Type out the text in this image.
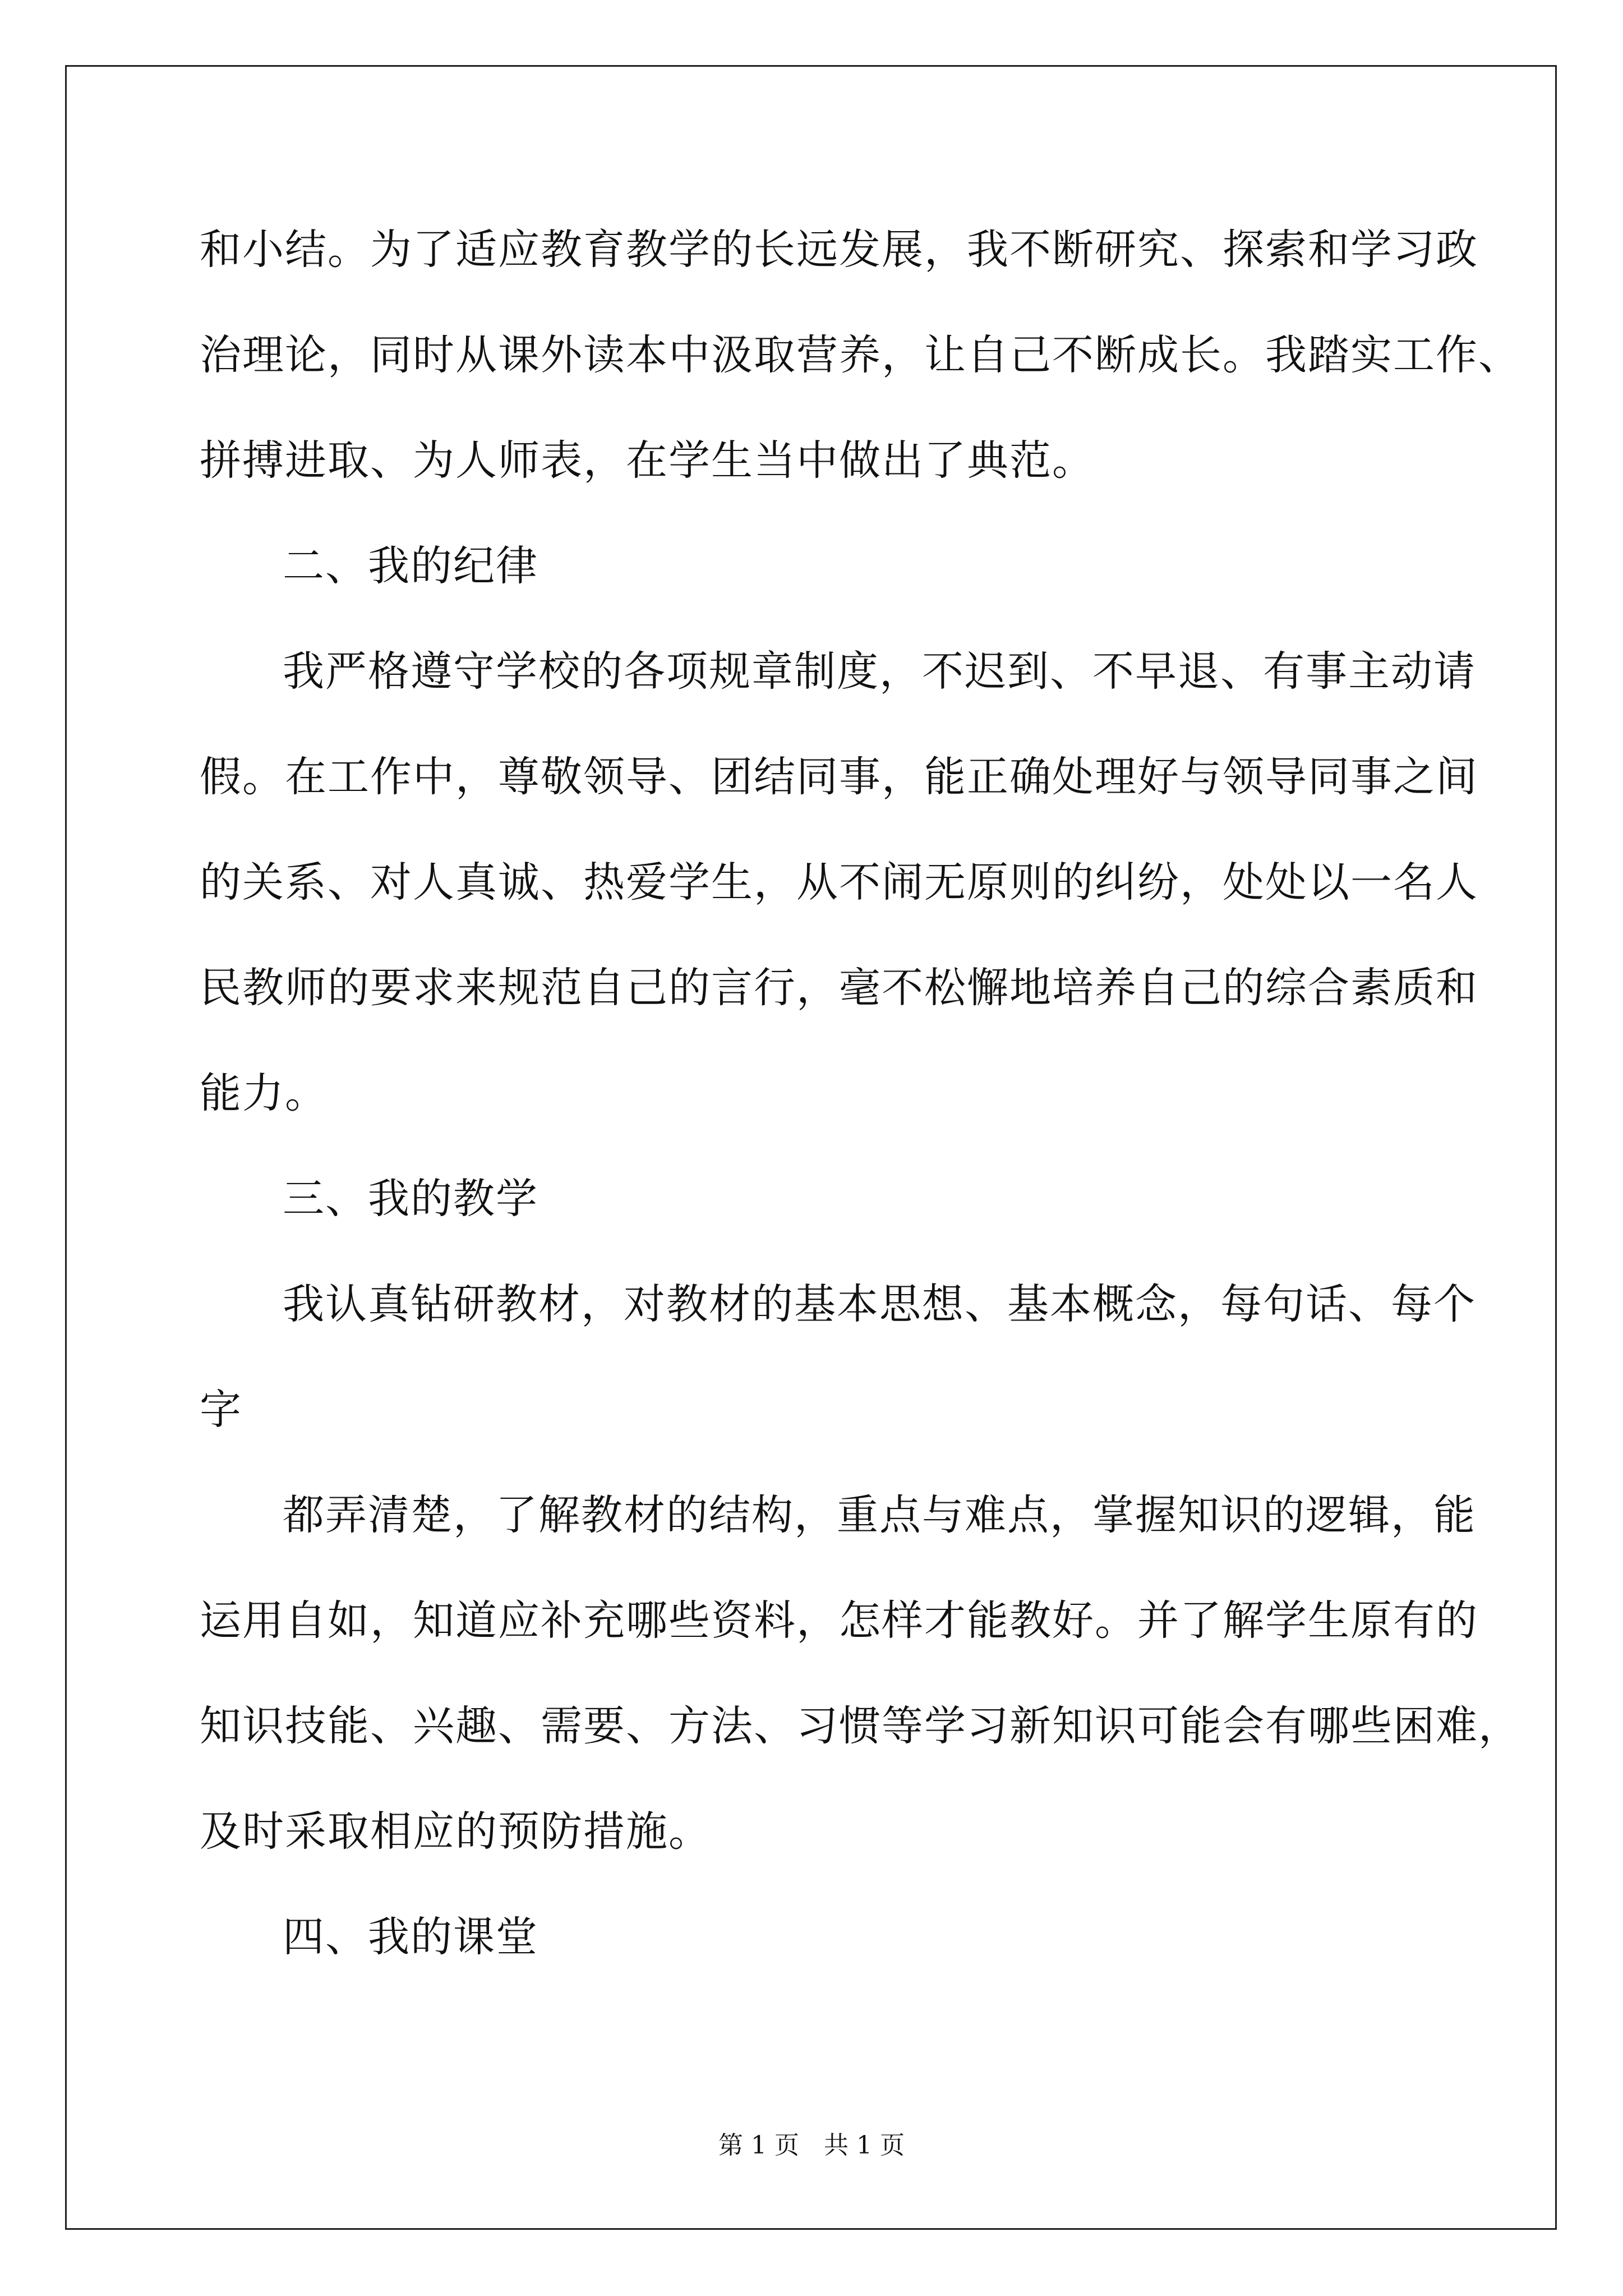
和小结。为了适应教育教学的长远发展，我不断研究、探索和学习政
治理论，同时从课外读本中汲取营养，让自己不断成长。我踏实工作、
拼搏进取、为人师表，在学生当中做出了典范。
二、我的纪律
我严格遵守学校的各项规章制度，不迟到、不早退、有事主动请
假。在工作中，尊敬领导、团结同事，能正确处理好与领导同事之间
的关系、对人真诚、热爱学生，从不闹无原则的纠纷，处处以一名人
民教师的要求来规范自己的言行，毫不松懈地培养自己的综合素质和
能力。
三、我的教学
我认真钻研教材，对教材的基本思想、基本概念，每句话、每个
字
都弄清楚，了解教材的结构，重点与难点，掌握知识的逻辑，能
运用自如，知道应补充哪些资料，怎样才能教好。并了解学生原有的
知识技能、兴趣、需要、方法、习惯等学习新知识可能会有哪些困难，
及时采取相应的预防措施。
四、我的课堂
第 1 页　共 1 页
